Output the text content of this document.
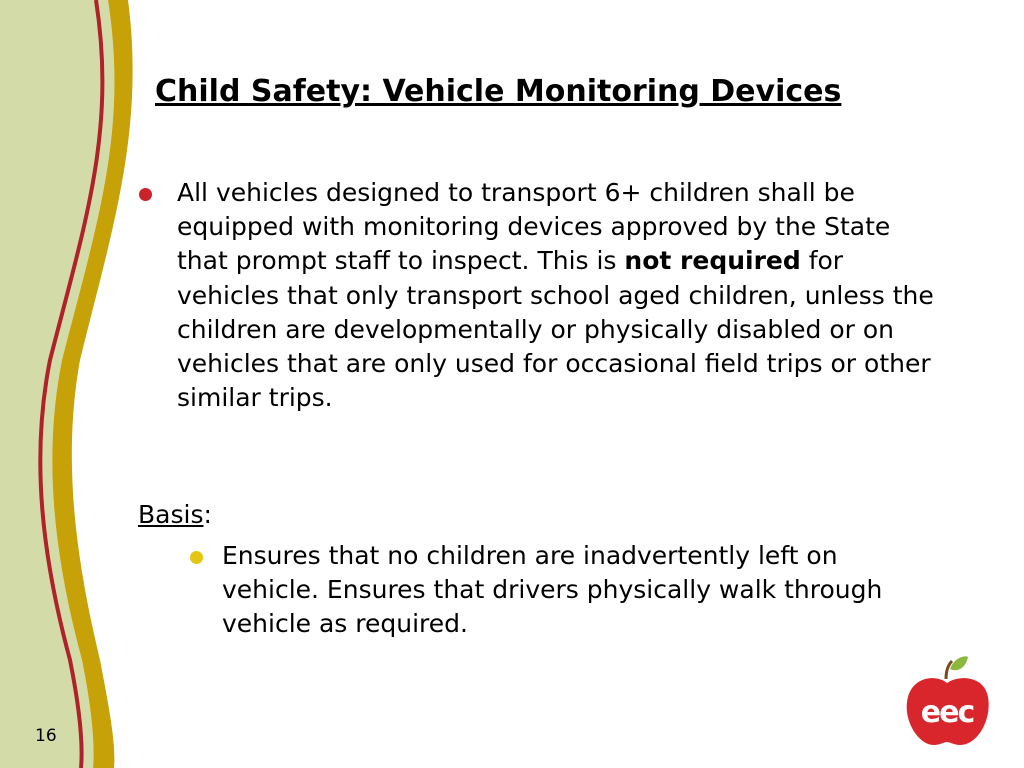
Child Safety: Vehicle Monitoring Devices
All vehicles designed to transport 6+ children shall be equipped with monitoring devices approved by the State that prompt staff to inspect. This is not required for vehicles that only transport school aged children, unless the children are developmentally or physically disabled or on vehicles that are only used for occasional field trips or other similar trips.
Basis:
Ensures that no children are inadvertently left on vehicle. Ensures that drivers physically walk through vehicle as required.
16
eec
